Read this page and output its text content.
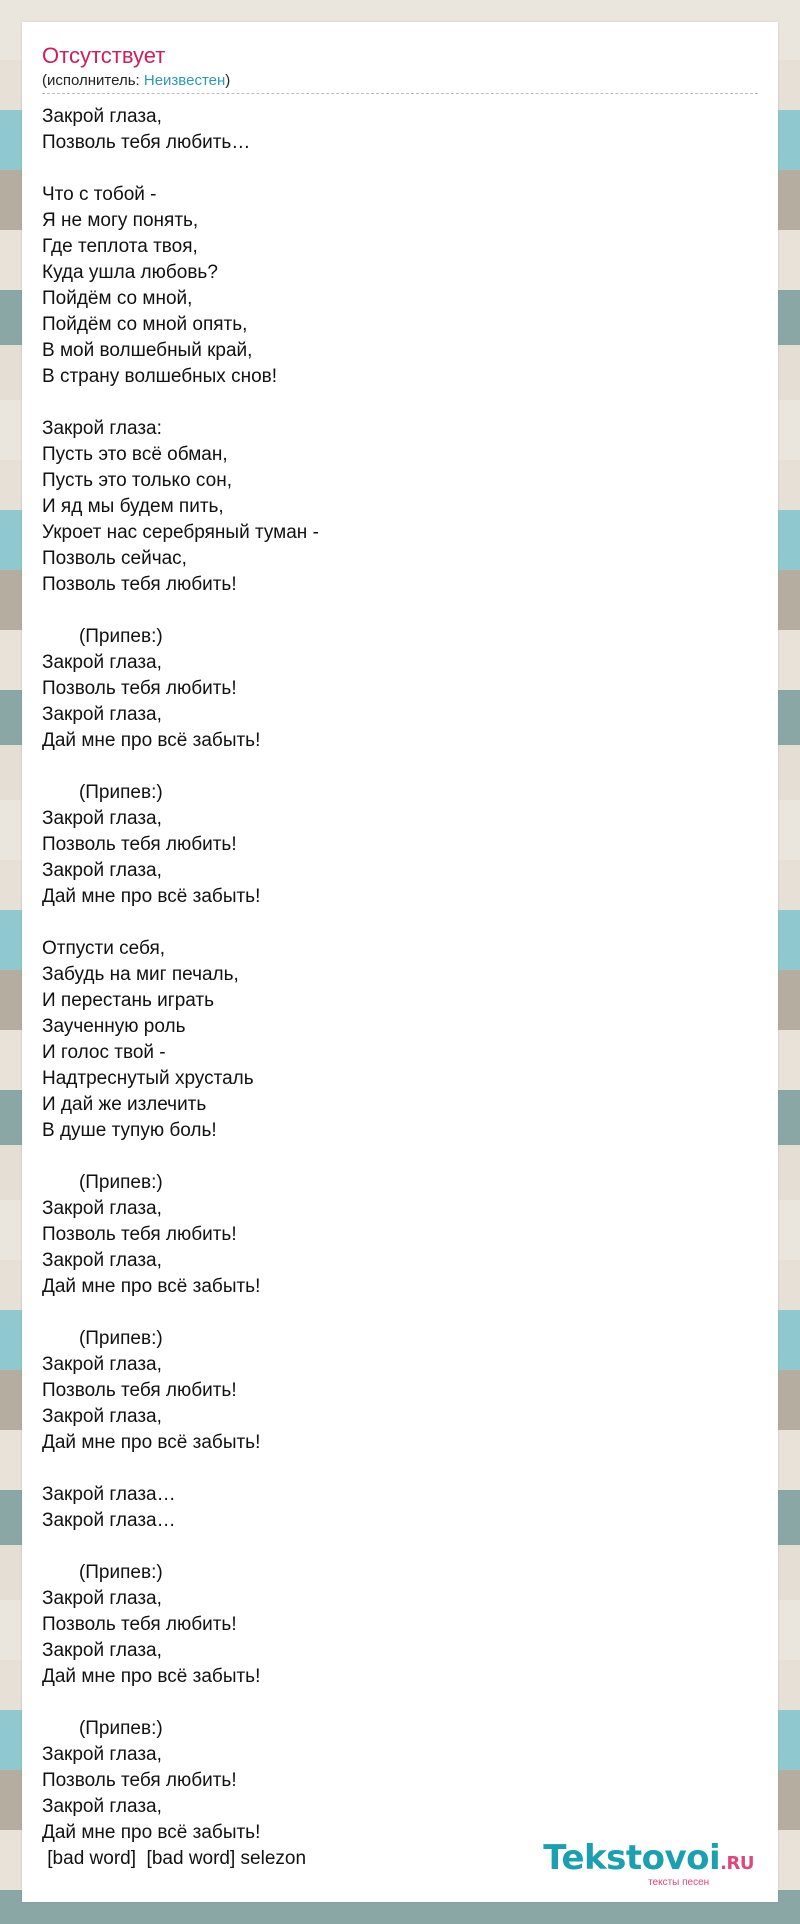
Отсутствует
(исполнитель: Неизвестен)
Закрой глаза,
Позволь тебя любить…
Что с тобой -
Я не могу понять,
Где теплота твоя,
Куда ушла любовь?
Пойдём со мной,
Пойдём со мной опять,
В мой волшебный край,
В страну волшебных снов!
Закрой глаза:
Пусть это всё обман,
Пусть это только сон,
И яд мы будем пить,
Укроет нас серебряный туман -
Позволь сейчас,
Позволь тебя любить!
(Припев:)
Закрой глаза,
Позволь тебя любить!
Закрой глаза,
Дай мне про всё забыть!
(Припев:)
Закрой глаза,
Позволь тебя любить!
Закрой глаза,
Дай мне про всё забыть!
Отпусти себя,
Забудь на миг печаль,
И перестань играть
Заученную роль
И голос твой -
Надтреснутый хрусталь
И дай же излечить
В душе тупую боль!
(Припев:)
Закрой глаза,
Позволь тебя любить!
Закрой глаза,
Дай мне про всё забыть!
(Припев:)
Закрой глаза,
Позволь тебя любить!
Закрой глаза,
Дай мне про всё забыть!
Закрой глаза…
Закрой глаза…
(Припев:)
Закрой глаза,
Позволь тебя любить!
Закрой глаза,
Дай мне про всё забыть!
(Припев:)
Закрой глаза,
Позволь тебя любить!
Закрой глаза,
Дай мне про всё забыть!
[bad word]  [bad word] selezon	Tekstovoi.RU
тексты песен
